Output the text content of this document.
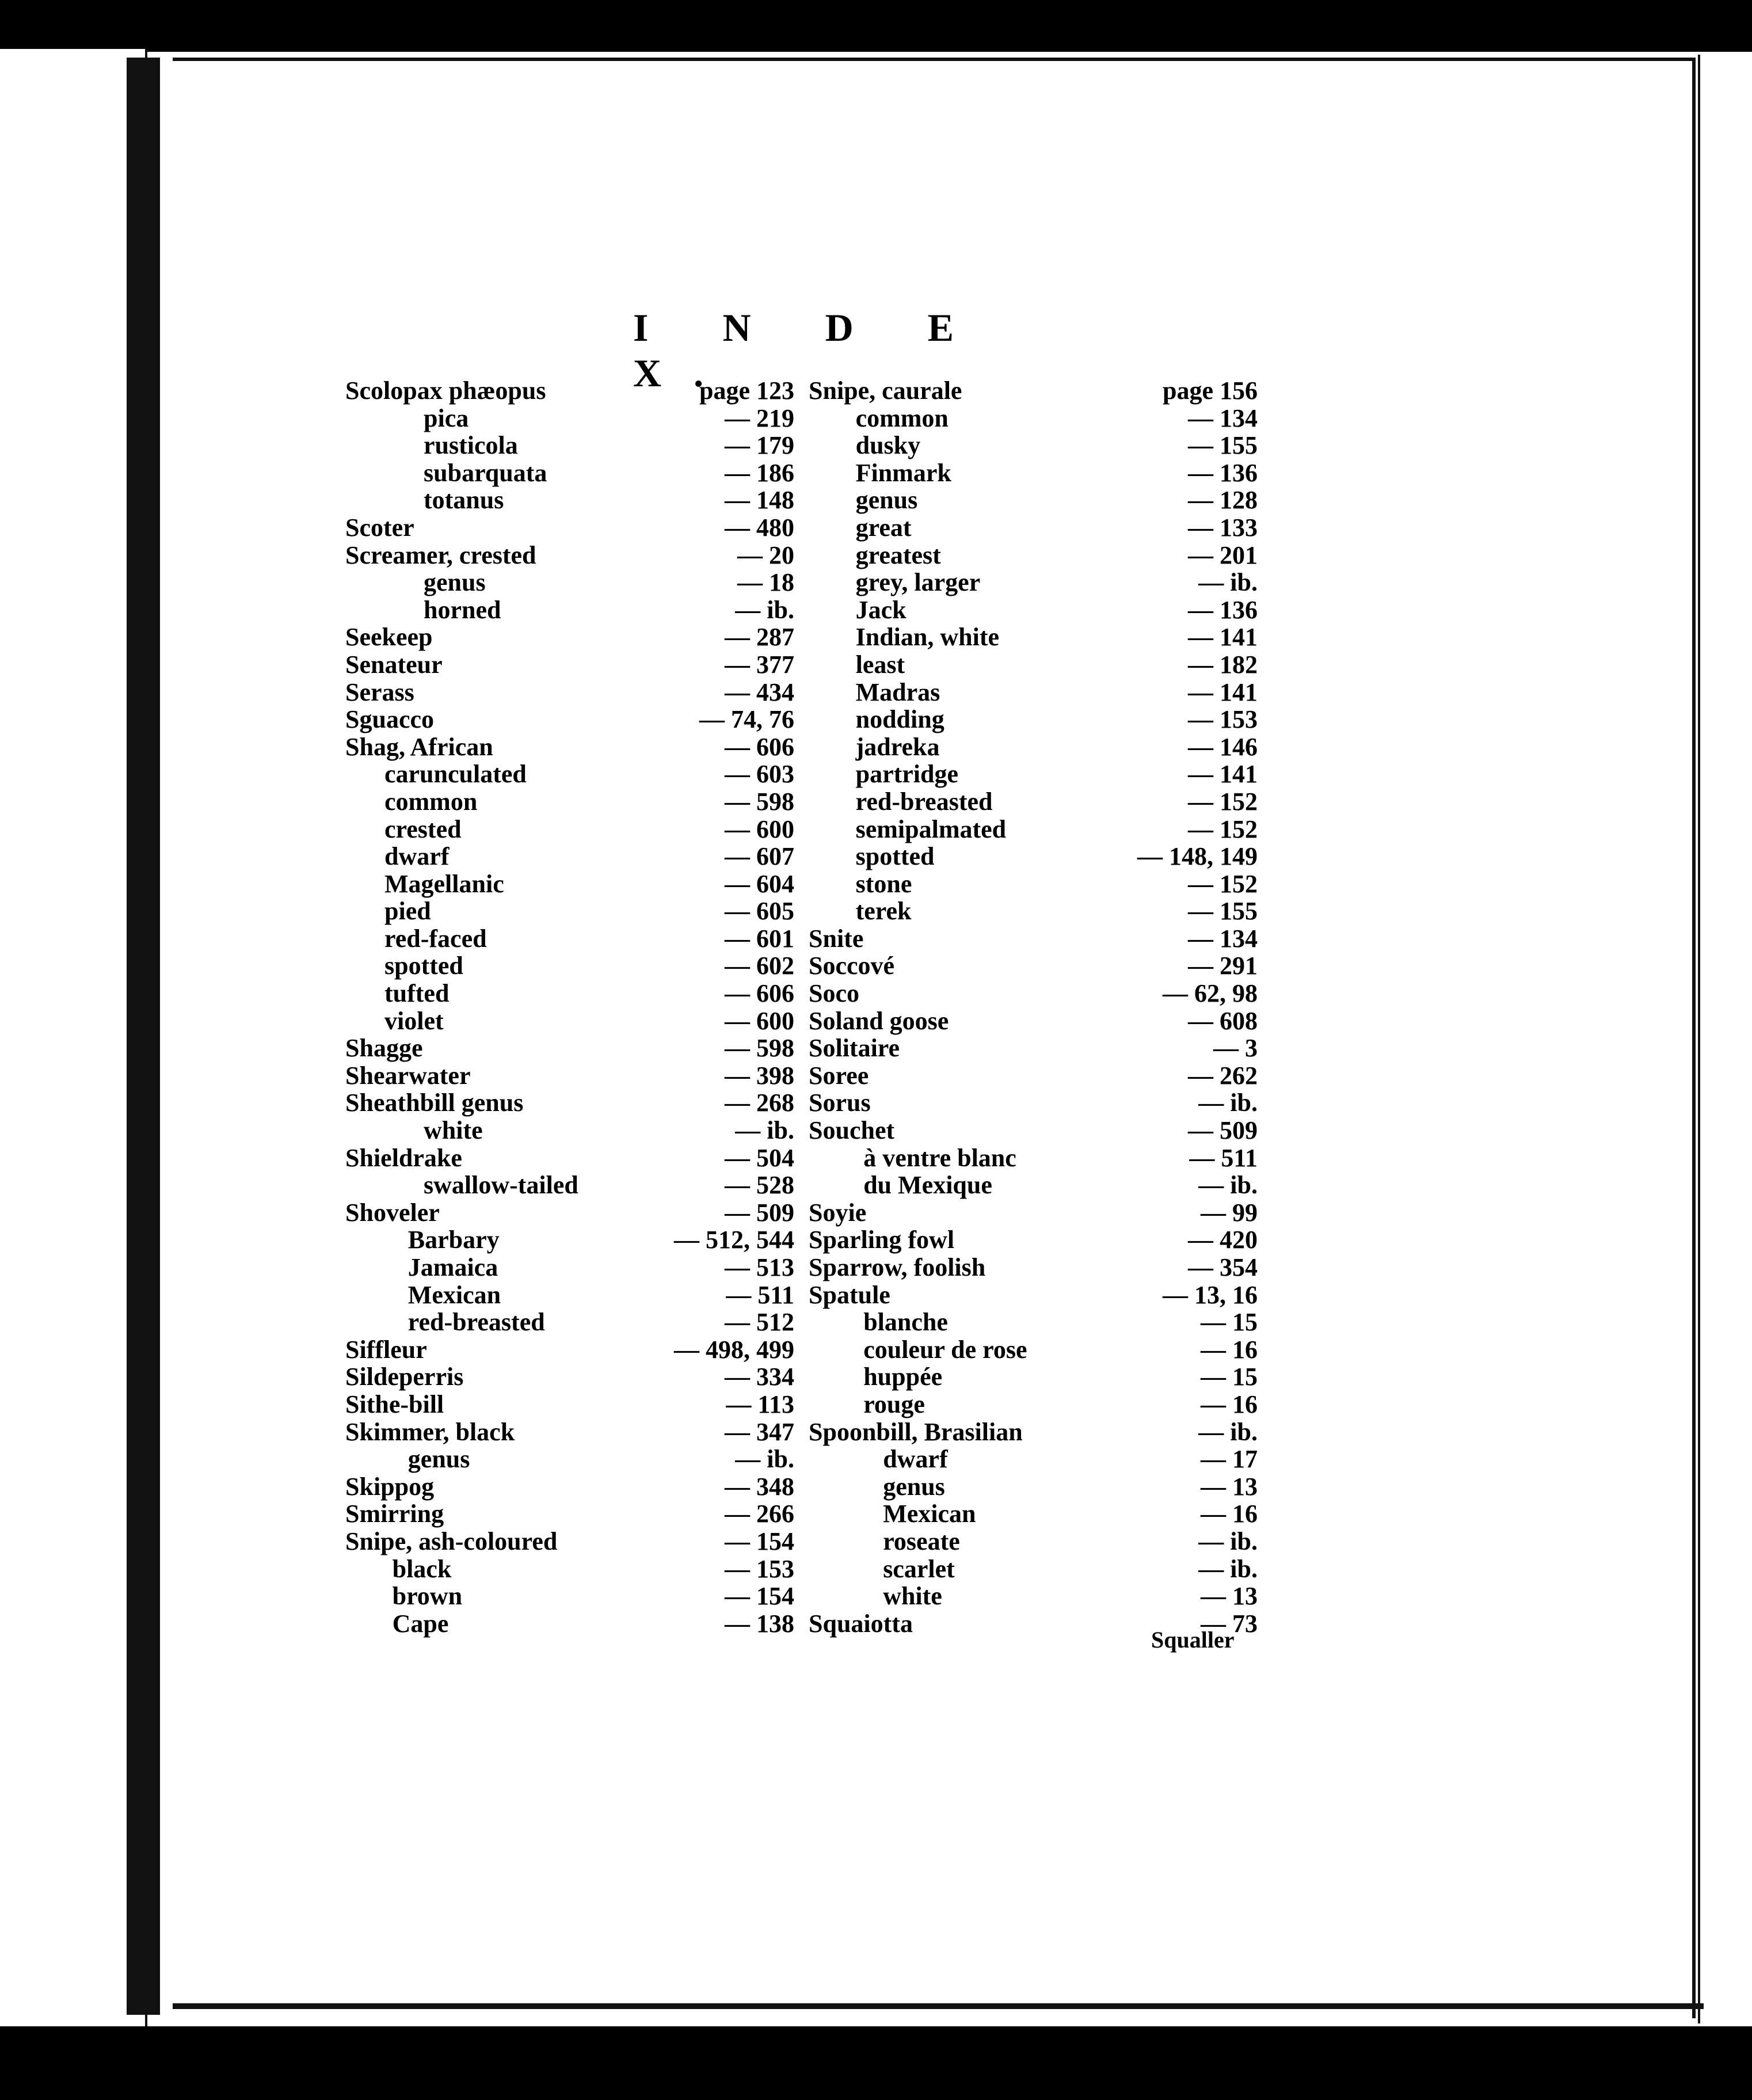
I N D E X.
Scolopax phæopus	page 123
pica	— 219
rusticola	— 179
subarquata	— 186
totanus	— 148
Scoter	— 480
Screamer, crested	— 20
genus	— 18
horned	— ib.
Seekeep	— 287
Senateur	— 377
Serass	— 434
Sguacco	— 74, 76
Shag, African	— 606
carunculated	— 603
common	— 598
crested	— 600
dwarf	— 607
Magellanic	— 604
pied	— 605
red-faced	— 601
spotted	— 602
tufted	— 606
violet	— 600
Shagge	— 598
Shearwater	— 398
Sheathbill genus	— 268
white	— ib.
Shieldrake	— 504
swallow-tailed	— 528
Shoveler	— 509
Barbary	— 512, 544
Jamaica	— 513
Mexican	— 511
red-breasted	— 512
Siffleur	— 498, 499
Sildeperris	— 334
Sithe-bill	— 113
Skimmer, black	— 347
genus	— ib.
Skippog	— 348
Smirring	— 266
Snipe, ash-coloured	— 154
black	— 153
brown	— 154
Cape	— 138
Snipe, caurale	page 156
common	— 134
dusky	— 155
Finmark	— 136
genus	— 128
great	— 133
greatest	— 201
grey, larger	— ib.
Jack	— 136
Indian, white	— 141
least	— 182
Madras	— 141
nodding	— 153
jadreka	— 146
partridge	— 141
red-breasted	— 152
semipalmated	— 152
spotted	— 148, 149
stone	— 152
terek	— 155
Snite	— 134
Soccové	— 291
Soco	— 62, 98
Soland goose	— 608
Solitaire	— 3
Soree	— 262
Sorus	— ib.
Souchet	— 509
à ventre blanc	— 511
du Mexique	— ib.
Soyie	— 99
Sparling fowl	— 420
Sparrow, foolish	— 354
Spatule	— 13, 16
blanche	— 15
couleur de rose	— 16
huppée	— 15
rouge	— 16
Spoonbill, Brasilian	— ib.
dwarf	— 17
genus	— 13
Mexican	— 16
roseate	— ib.
scarlet	— ib.
white	— 13
Squaiotta	— 73
Squaller
